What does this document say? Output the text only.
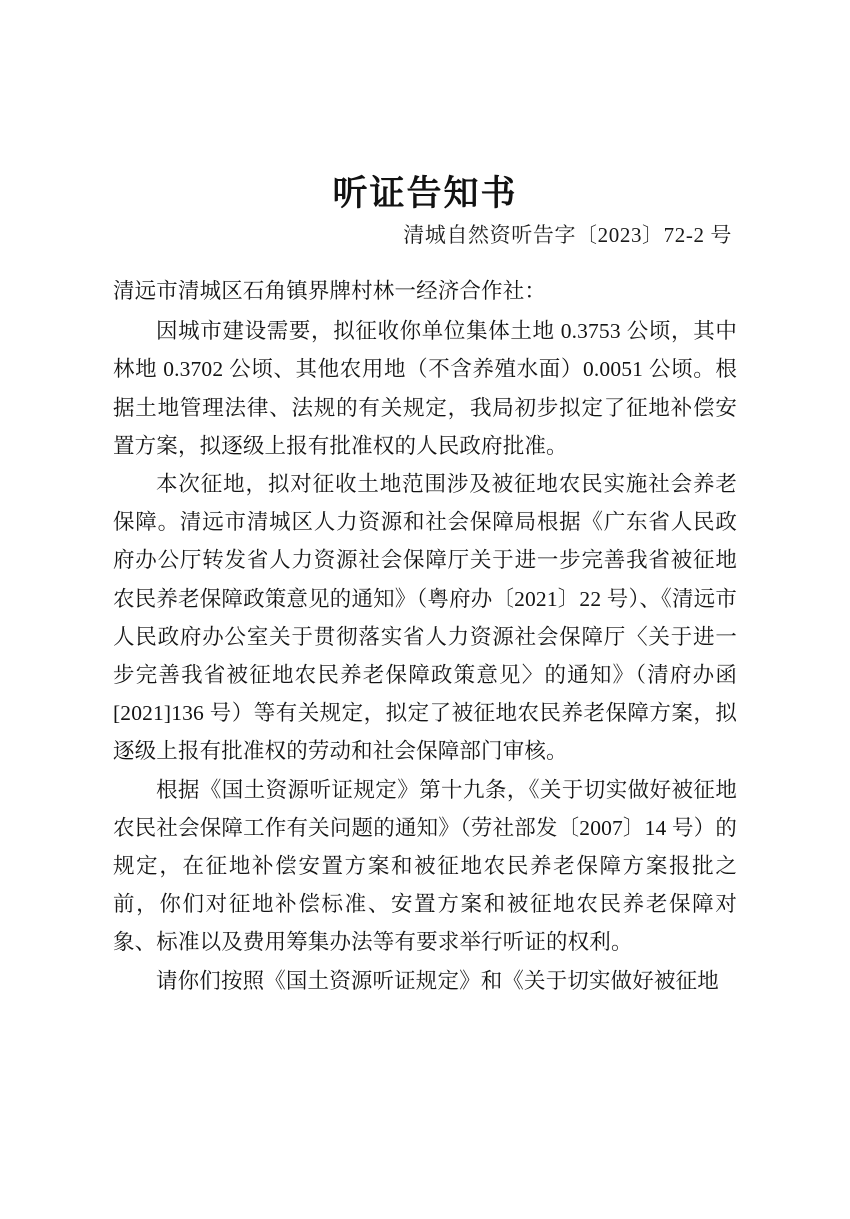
听证告知书
清城自然资听告字〔2023〕72-2 号

清远市清城区石角镇界牌村林一经济合作社：

因城市建设需要，拟征收你单位集体土地 0.3753 公顷，其中林地 0.3702 公顷、其他农用地（不含养殖水面）0.0051 公顷。根据土地管理法律、法规的有关规定，我局初步拟定了征地补偿安置方案，拟逐级上报有批准权的人民政府批准。

本次征地，拟对征收土地范围涉及被征地农民实施社会养老保障。清远市清城区人力资源和社会保障局根据《广东省人民政府办公厅转发省人力资源社会保障厅关于进一步完善我省被征地农民养老保障政策意见的通知》（粤府办〔2021〕22 号）、《清远市人民政府办公室关于贯彻落实省人力资源社会保障厅〈关于进一步完善我省被征地农民养老保障政策意见〉的通知》（清府办函[2021]136 号）等有关规定，拟定了被征地农民养老保障方案，拟逐级上报有批准权的劳动和社会保障部门审核。

根据《国土资源听证规定》第十九条，《关于切实做好被征地农民社会保障工作有关问题的通知》（劳社部发〔2007〕14 号）的规定，在征地补偿安置方案和被征地农民养老保障方案报批之前，你们对征地补偿标准、安置方案和被征地农民养老保障对象、标准以及费用筹集办法等有要求举行听证的权利。

请你们按照《国土资源听证规定》和《关于切实做好被征地
